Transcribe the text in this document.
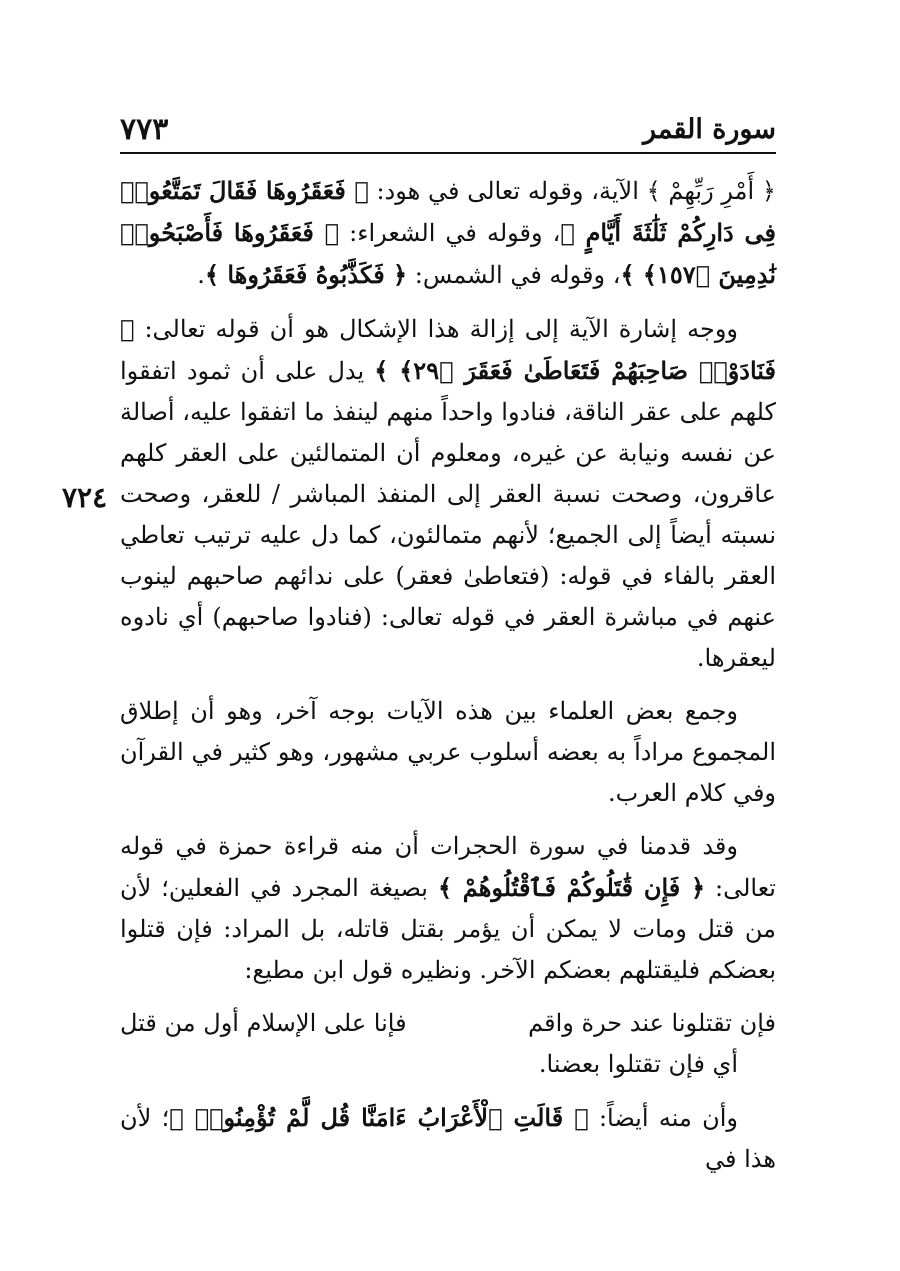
سورة القمر
٧٧٣
٧٢٤

﴿ أَمْرِ رَبِّهِمْ ﴾ الآية، وقوله تعالى في هود: ﴿ فَعَقَرُوهَا فَقَالَ تَمَتَّعُوا۟ فِى دَارِكُمْ ثَلَٰثَةَ أَيَّامٍ ﴾، وقوله في الشعراء: ﴿ فَعَقَرُوهَا فَأَصْبَحُوا۟ نَٰدِمِينَ ﴿١٥٧﴾ ﴾، وقوله في الشمس: ﴿ فَكَذَّبُوهُ فَعَقَرُوهَا ﴾.

ووجه إشارة الآية إلى إزالة هذا الإشكال هو أن قوله تعالى: ﴿ فَنَادَوْا۟ صَاحِبَهُمْ فَتَعَاطَىٰ فَعَقَرَ ﴿٢٩﴾ ﴾ يدل على أن ثمود اتفقوا كلهم على عقر الناقة، فنادوا واحداً منهم لينفذ ما اتفقوا عليه، أصالة عن نفسه ونيابة عن غيره، ومعلوم أن المتمالئين على العقر كلهم عاقرون، وصحت نسبة العقر إلى المنفذ المباشر / للعقر، وصحت نسبته أيضاً إلى الجميع؛ لأنهم متمالئون، كما دل عليه ترتيب تعاطي العقر بالفاء في قوله: (فتعاطىٰ فعقر) على ندائهم صاحبهم لينوب عنهم في مباشرة العقر في قوله تعالى: (فنادوا صاحبهم) أي نادوه ليعقرها.

وجمع بعض العلماء بين هذه الآيات بوجه آخر، وهو أن إطلاق المجموع مراداً به بعضه أسلوب عربي مشهور، وهو كثير في القرآن وفي كلام العرب.

وقد قدمنا في سورة الحجرات أن منه قراءة حمزة في قوله تعالى: ﴿ فَإِن قَٰتَلُوكُمْ فَٱقْتُلُوهُمْ ﴾ بصيغة المجرد في الفعلين؛ لأن من قتل ومات لا يمكن أن يؤمر بقتل قاتله، بل المراد: فإن قتلوا بعضكم فليقتلهم بعضكم الآخر. ونظيره قول ابن مطيع:

فإن تقتلونا عند حرة واقم
فإنا على الإسلام أول من قتل

أي فإن تقتلوا بعضنا.

وأن منه أيضاً: ﴿ قَالَتِ ٱلْأَعْرَابُ ءَامَنَّا قُل لَّمْ تُؤْمِنُوا۟ ﴾؛ لأن هذا في
